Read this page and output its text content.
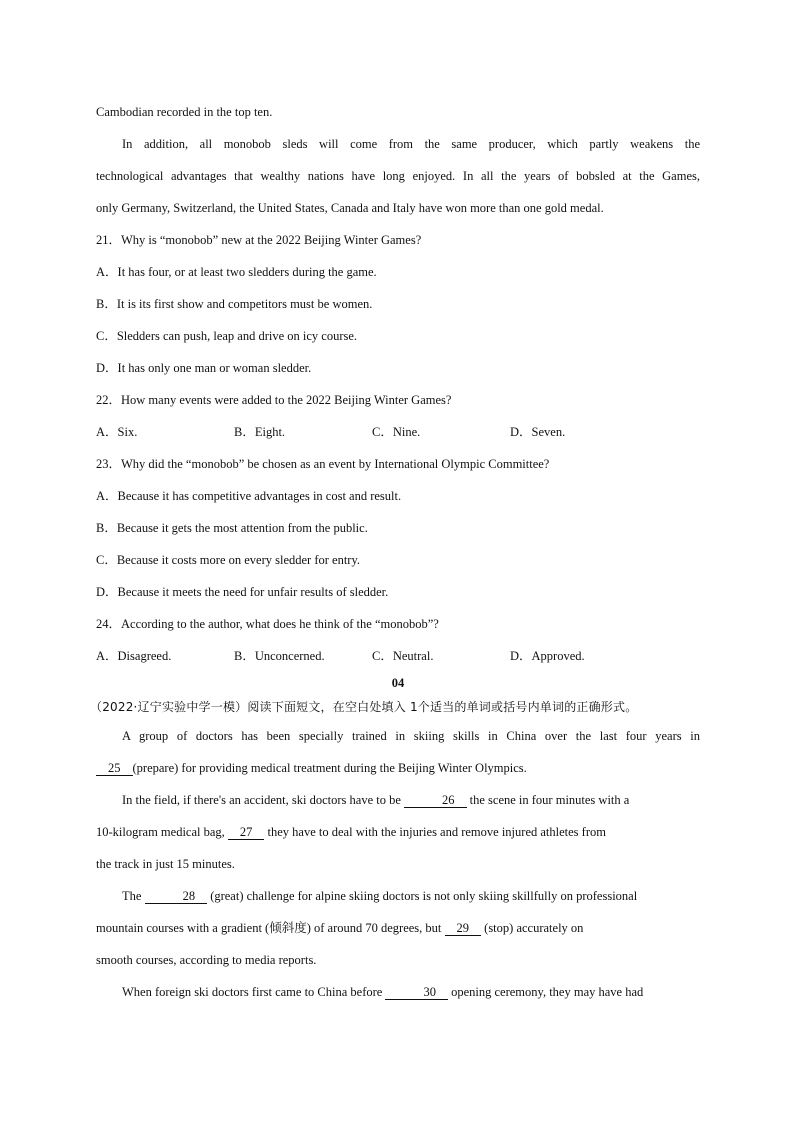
Cambodian recorded in the top ten.
In addition, all monobob sleds will come from the same producer, which partly weakens the
technological advantages that wealthy nations have long enjoyed. In all the years of bobsled at the Games,
only Germany, Switzerland, the United States, Canada and Italy have won more than one gold medal.
21．Why is “monobob” new at the 2022 Beijing Winter Games?
A．It has four, or at least two sledders during the game.
B．It is its first show and competitors must be women.
C．Sledders can push, leap and drive on icy course.
D．It has only one man or woman sledder.
22．How many events were added to the 2022 Beijing Winter Games?
A．Six.	B．Eight.	C．Nine.	D．Seven.
23．Why did the “monobob” be chosen as an event by International Olympic Committee?
A．Because it has competitive advantages in cost and result.
B．Because it gets the most attention from the public.
C．Because it costs more on every sledder for entry.
D．Because it meets the need for unfair results of sledder.
24．According to the author, what does he think of the “monobob”?
A．Disagreed.	B．Unconcerned.	C．Neutral.	D．Approved.
04
（2022·辽宁实验中学一模）阅读下面短文，在空白处填入 1个适当的单词或括号内单词的正确形式。
A group of doctors has been specially trained in skiing skills in China over the last four years in
25 (prepare) for providing medical treatment during the Beijing Winter Olympics.
In the field, if there's an accident, ski doctors have to be	26 the scene in four minutes with a
10-kilogram medical bag, 27 they have to deal with the injuries and remove injured athletes from
the track in just 15 minutes.
The	28 (great) challenge for alpine skiing doctors is not only skiing skillfully on professional
mountain courses with a gradient (倾斜度) of around 70 degrees, but 29 (stop) accurately on
smooth courses, according to media reports.
When foreign ski doctors first came to China before	30 opening ceremony, they may have had
